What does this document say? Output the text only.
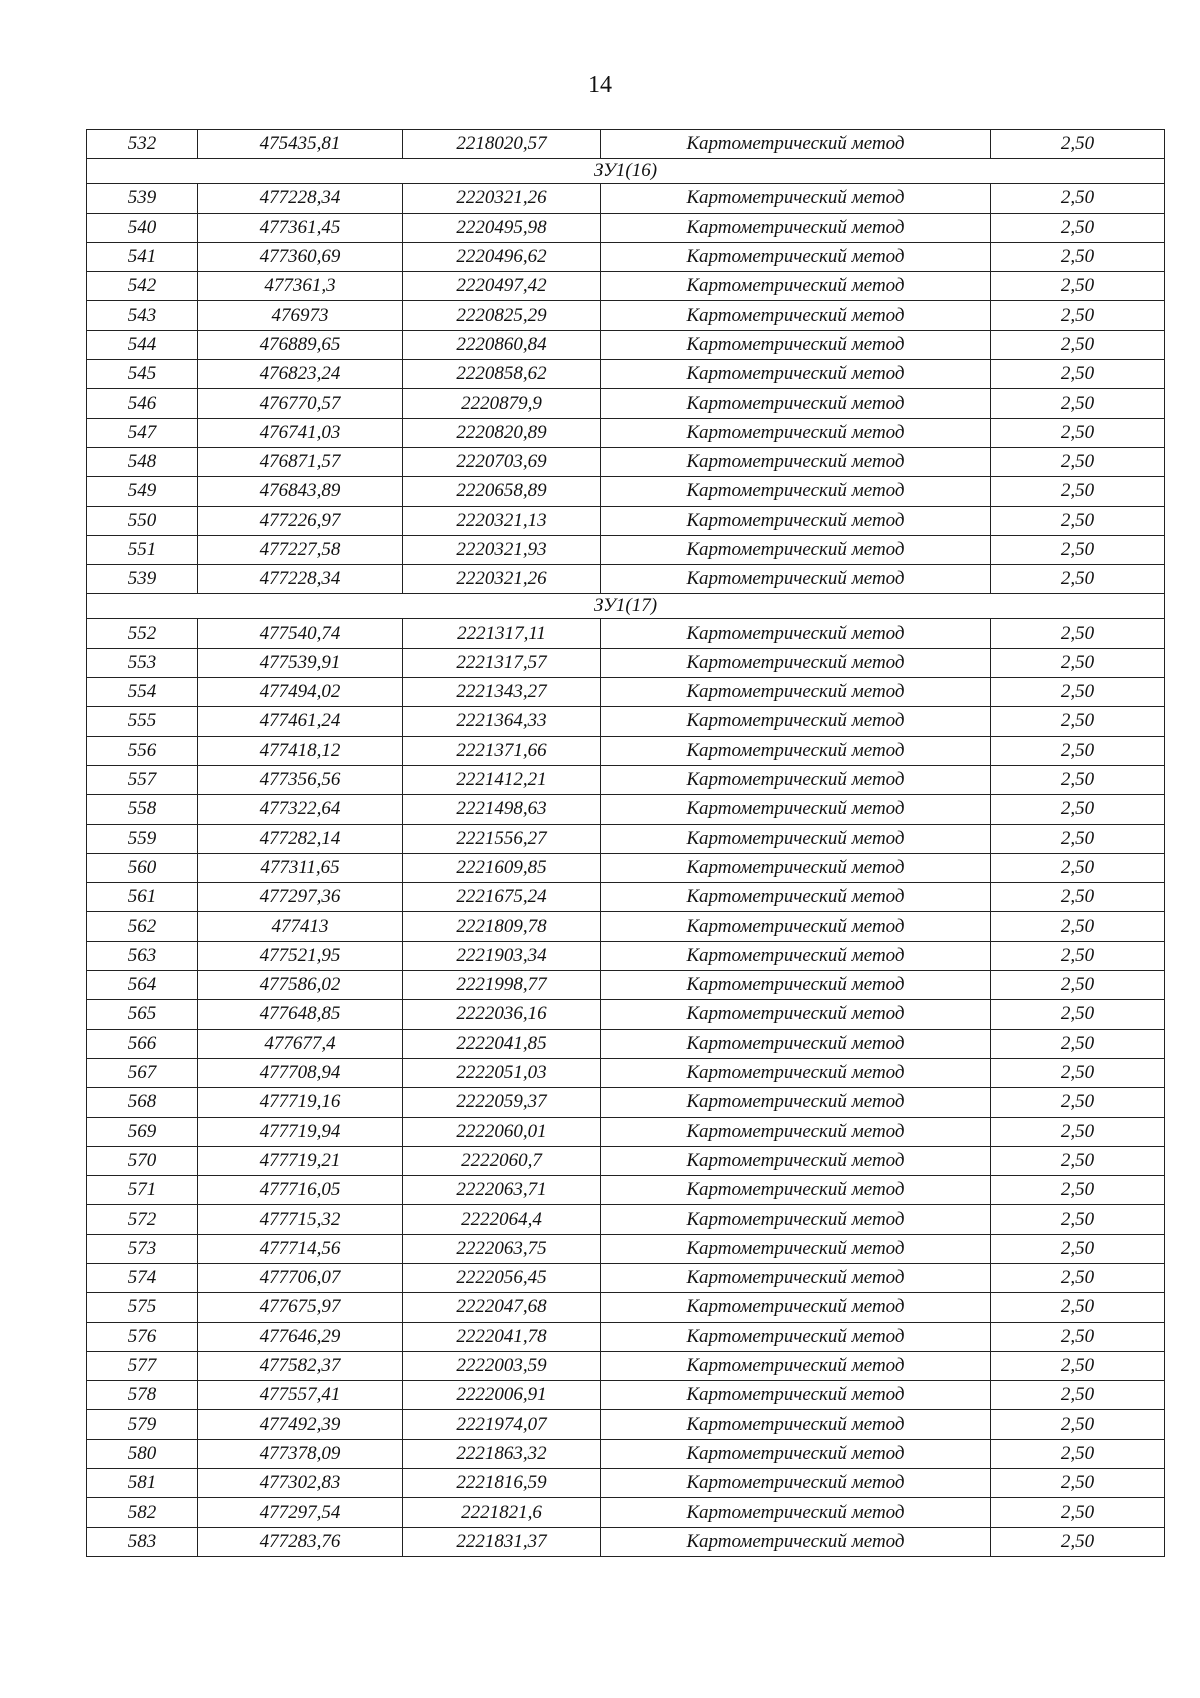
14
532	475435,81	2218020,57	Картометрический метод	2,50
ЗУ1(16)				
539	477228,34	2220321,26	Картометрический метод	2,50
540	477361,45	2220495,98	Картометрический метод	2,50
541	477360,69	2220496,62	Картометрический метод	2,50
542	477361,3	2220497,42	Картометрический метод	2,50
543	476973	2220825,29	Картометрический метод	2,50
544	476889,65	2220860,84	Картометрический метод	2,50
545	476823,24	2220858,62	Картометрический метод	2,50
546	476770,57	2220879,9	Картометрический метод	2,50
547	476741,03	2220820,89	Картометрический метод	2,50
548	476871,57	2220703,69	Картометрический метод	2,50
549	476843,89	2220658,89	Картометрический метод	2,50
550	477226,97	2220321,13	Картометрический метод	2,50
551	477227,58	2220321,93	Картометрический метод	2,50
539	477228,34	2220321,26	Картометрический метод	2,50
ЗУ1(17)				
552	477540,74	2221317,11	Картометрический метод	2,50
553	477539,91	2221317,57	Картометрический метод	2,50
554	477494,02	2221343,27	Картометрический метод	2,50
555	477461,24	2221364,33	Картометрический метод	2,50
556	477418,12	2221371,66	Картометрический метод	2,50
557	477356,56	2221412,21	Картометрический метод	2,50
558	477322,64	2221498,63	Картометрический метод	2,50
559	477282,14	2221556,27	Картометрический метод	2,50
560	477311,65	2221609,85	Картометрический метод	2,50
561	477297,36	2221675,24	Картометрический метод	2,50
562	477413	2221809,78	Картометрический метод	2,50
563	477521,95	2221903,34	Картометрический метод	2,50
564	477586,02	2221998,77	Картометрический метод	2,50
565	477648,85	2222036,16	Картометрический метод	2,50
566	477677,4	2222041,85	Картометрический метод	2,50
567	477708,94	2222051,03	Картометрический метод	2,50
568	477719,16	2222059,37	Картометрический метод	2,50
569	477719,94	2222060,01	Картометрический метод	2,50
570	477719,21	2222060,7	Картометрический метод	2,50
571	477716,05	2222063,71	Картометрический метод	2,50
572	477715,32	2222064,4	Картометрический метод	2,50
573	477714,56	2222063,75	Картометрический метод	2,50
574	477706,07	2222056,45	Картометрический метод	2,50
575	477675,97	2222047,68	Картометрический метод	2,50
576	477646,29	2222041,78	Картометрический метод	2,50
577	477582,37	2222003,59	Картометрический метод	2,50
578	477557,41	2222006,91	Картометрический метод	2,50
579	477492,39	2221974,07	Картометрический метод	2,50
580	477378,09	2221863,32	Картометрический метод	2,50
581	477302,83	2221816,59	Картометрический метод	2,50
582	477297,54	2221821,6	Картометрический метод	2,50
583	477283,76	2221831,37	Картометрический метод	2,50
